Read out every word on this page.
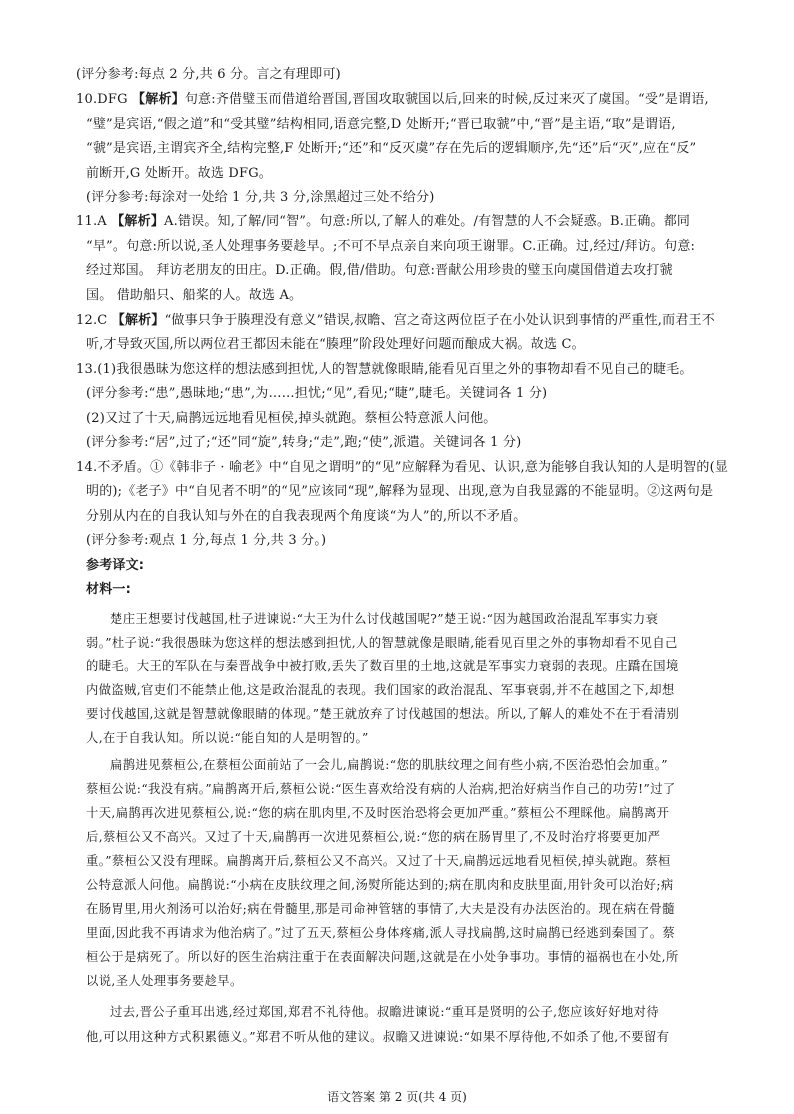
(评分参考:每点 2 分,共 6 分。言之有理即可)
10.DFG 【解析】句意:齐借璧玉而借道给晋国,晋国攻取虢国以后,回来的时候,反过来灭了虞国。“受”是谓语,
“璧”是宾语,“假之道”和“受其璧”结构相同,语意完整,D 处断开;“晋已取虢”中,“晋”是主语,“取”是谓语,
“虢”是宾语,主谓宾齐全,结构完整,F 处断开;“还”和“反灭虞”存在先后的逻辑顺序,先“还”后“灭”,应在“反”
前断开,G 处断开。故选 DFG。
(评分参考:每涂对一处给 1 分,共 3 分,涂黑超过三处不给分)
11.A 【解析】A.错误。知,了解/同“智”。句意:所以,了解人的难处。/有智慧的人不会疑惑。B.正确。都同
“早”。句意:所以说,圣人处理事务要趁早。;不可不早点亲自来向项王谢罪。C.正确。过,经过/拜访。句意:
经过郑国。 拜访老朋友的田庄。D.正确。假,借/借助。句意:晋献公用珍贵的璧玉向虞国借道去攻打虢
国。 借助船只、船桨的人。故选 A。
12.C 【解析】“做事只争于腠理没有意义”错误,叔瞻、宫之奇这两位臣子在小处认识到事情的严重性,而君王不
听,才导致灭国,所以两位君王都因未能在“腠理”阶段处理好问题而酿成大祸。故选 C。
13.(1)我很愚昧为您这样的想法感到担忧,人的智慧就像眼睛,能看见百里之外的事物却看不见自己的睫毛。
(评分参考:“患”,愚昧地;“患”,为……担忧;“见”,看见;“睫”,睫毛。关键词各 1 分)
(2)又过了十天,扁鹊远远地看见桓侯,掉头就跑。蔡桓公特意派人问他。
(评分参考:“居”,过了;“还”同“旋”,转身;“走”,跑;“使”,派遣。关键词各 1 分)
14.不矛盾。①《韩非子 · 喻老》中“自见之谓明”的“见”应解释为看见、认识,意为能够自我认知的人是明智的(显
明的);《老子》中“自见者不明”的“见”应该同“现”,解释为显现、出现,意为自我显露的不能显明。②这两句是
分别从内在的自我认知与外在的自我表现两个角度谈“为人”的,所以不矛盾。
(评分参考:观点 1 分,每点 1 分,共 3 分。)
参考译文:
材料一:
楚庄王想要讨伐越国,杜子进谏说:“大王为什么讨伐越国呢?”楚王说:“因为越国政治混乱军事实力衰
弱。”杜子说:“我很愚昧为您这样的想法感到担忧,人的智慧就像是眼睛,能看见百里之外的事物却看不见自己
的睫毛。大王的军队在与秦晋战争中被打败,丢失了数百里的土地,这就是军事实力衰弱的表现。庄蹻在国境
内做盗贼,官吏们不能禁止他,这是政治混乱的表现。我们国家的政治混乱、军事衰弱,并不在越国之下,却想
要讨伐越国,这就是智慧就像眼睛的体现。”楚王就放弃了讨伐越国的想法。所以,了解人的难处不在于看清别
人,在于自我认知。所以说:“能自知的人是明智的。”
扁鹊进见蔡桓公,在蔡桓公面前站了一会儿,扁鹊说:“您的肌肤纹理之间有些小病,不医治恐怕会加重。”
蔡桓公说:“我没有病。”扁鹊离开后,蔡桓公说:“医生喜欢给没有病的人治病,把治好病当作自己的功劳!”过了
十天,扁鹊再次进见蔡桓公,说:“您的病在肌肉里,不及时医治恐将会更加严重。”蔡桓公不理睬他。扁鹊离开
后,蔡桓公又不高兴。又过了十天,扁鹊再一次进见蔡桓公,说:“您的病在肠胃里了,不及时治疗将要更加严
重。”蔡桓公又没有理睬。扁鹊离开后,蔡桓公又不高兴。又过了十天,扁鹊远远地看见桓侯,掉头就跑。蔡桓
公特意派人问他。扁鹊说:“小病在皮肤纹理之间,汤熨所能达到的;病在肌肉和皮肤里面,用针灸可以治好;病
在肠胃里,用火剂汤可以治好;病在骨髓里,那是司命神管辖的事情了,大夫是没有办法医治的。现在病在骨髓
里面,因此我不再请求为他治病了。”过了五天,蔡桓公身体疼痛,派人寻找扁鹊,这时扁鹊已经逃到秦国了。蔡
桓公于是病死了。所以好的医生治病注重于在表面解决问题,这就是在小处争事功。事情的福祸也在小处,所
以说,圣人处理事务要趁早。
过去,晋公子重耳出逃,经过郑国,郑君不礼待他。叔瞻进谏说:“重耳是贤明的公子,您应该好好地对待
他,可以用这种方式积累德义。”郑君不听从他的建议。叔瞻又进谏说:“如果不厚待他,不如杀了他,不要留有
语文答案 第 2 页(共 4 页)
